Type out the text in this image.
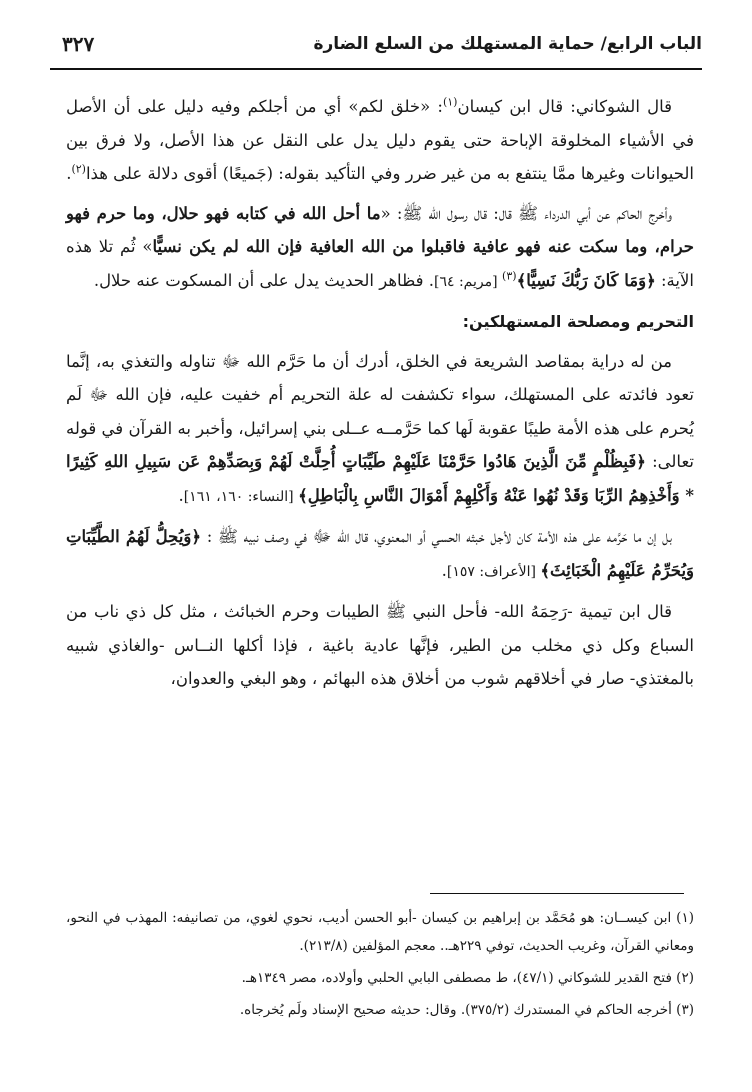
٣٢٧	الباب الرابع/ حماية المستهلك من السلع الضارة

قال الشوكاني: قال ابن كيسان$^{(١)}$: «خلق لكم» أي من أجلكم وفيه دليل على أن الأصل في الأشياء المخلوقة الإباحة حتى يقوم دليل يدل على النقل عن هذا الأصل، ولا فرق بين الحيوانات وغيرها ممَّا ينتفع به من غير ضرر وفي التأكيد بقوله: (جَميعًا) أقوى دلالة على هذا$^{(٢)}$.

وأخرج الحاكم عن أبي الدرداء ﷺ قال: قال رسول الله ﷺ: «ما أحل الله في كتابه فهو حلال، وما حرم فهو حرام، وما سكت عنه فهو عافية فاقبلوا من الله العافية فإن الله لم يكن نسيًّا» ثُم تلا هذه الآية: ﴿وَمَا كَانَ رَبُّكَ نَسِيًّا﴾$^{(٣)}$ [مريم: ٦٤]. فظاهر الحديث يدل على أن المسكوت عنه حلال.

التحريم ومصلحة المستهلكين:

من له دراية بمقاصد الشريعة في الخلق، أدرك أن ما حَرَّم الله ﷻ تناوله والتغذي به، إنَّما تعود فائدته على المستهلك، سواء تكشفت له علة التحريم أم خفيت عليه، فإن الله ﷻ لَم يُحرم على هذه الأمة طيبًا عقوبة لَها كما حَرَّمــه عــلى بني إسرائيل، وأخبر به القرآن في قوله تعالى: ﴿فَبِظُلْمٍ مِّنَ الَّذِينَ هَادُوا حَرَّمْنَا عَلَيْهِمْ طَيِّبَاتٍ أُحِلَّتْ لَهُمْ وَبِصَدِّهِمْ عَن سَبِيلِ اللهِ كَثِيرًا * وَأَخْذِهِمُ الرِّبَا وَقَدْ نُهُوا عَنْهُ وَأَكْلِهِمْ أَمْوَالَ النَّاسِ بِالْبَاطِلِ﴾ [النساء: ١٦٠، ١٦١].

بل إن ما حَرَّمه على هذه الأمة كان لأجل خبثه الحسي أو المعنوي، قال الله ﷻ في وصف نبيه ﷺ : ﴿وَيُحِلُّ لَهُمُ الطَّيِّبَاتِ وَيُحَرِّمُ عَلَيْهِمُ الْخَبَائِثَ﴾ [الأعراف: ١٥٧].

قال ابن تيمية -رَحِمَهُ الله- فأحل النبي ﷺ الطيبات وحرم الخبائث ، مثل كل ذي ناب من السباع وكل ذي مخلب من الطير، فإنَّها عادية باغية ، فإذا أكلها النــاس -والغاذي شبيه بالمغتذي- صار في أخلاقهم شوب من أخلاق هذه البهائم ، وهو البغي والعدوان،

(١) ابن كيســان: هو مُحَمَّد بن إبراهيم بن كيسان -أبو الحسن أديب، نحوي لغوي، من تصانيفه: المهذب في النحو، ومعاني القرآن، وغريب الحديث، توفي ٢٢٩هـ.. معجم المؤلفين (٢١٣/٨).

(٢) فتح القدير للشوكاني (٤٧/١)، ط مصطفى البابي الحلبي وأولاده، مصر ١٣٤٩هـ.

(٣) أخرجه الحاكم في المستدرك (٣٧٥/٢). وقال: حديثه صحيح الإسناد ولَم يُخرجاه.
